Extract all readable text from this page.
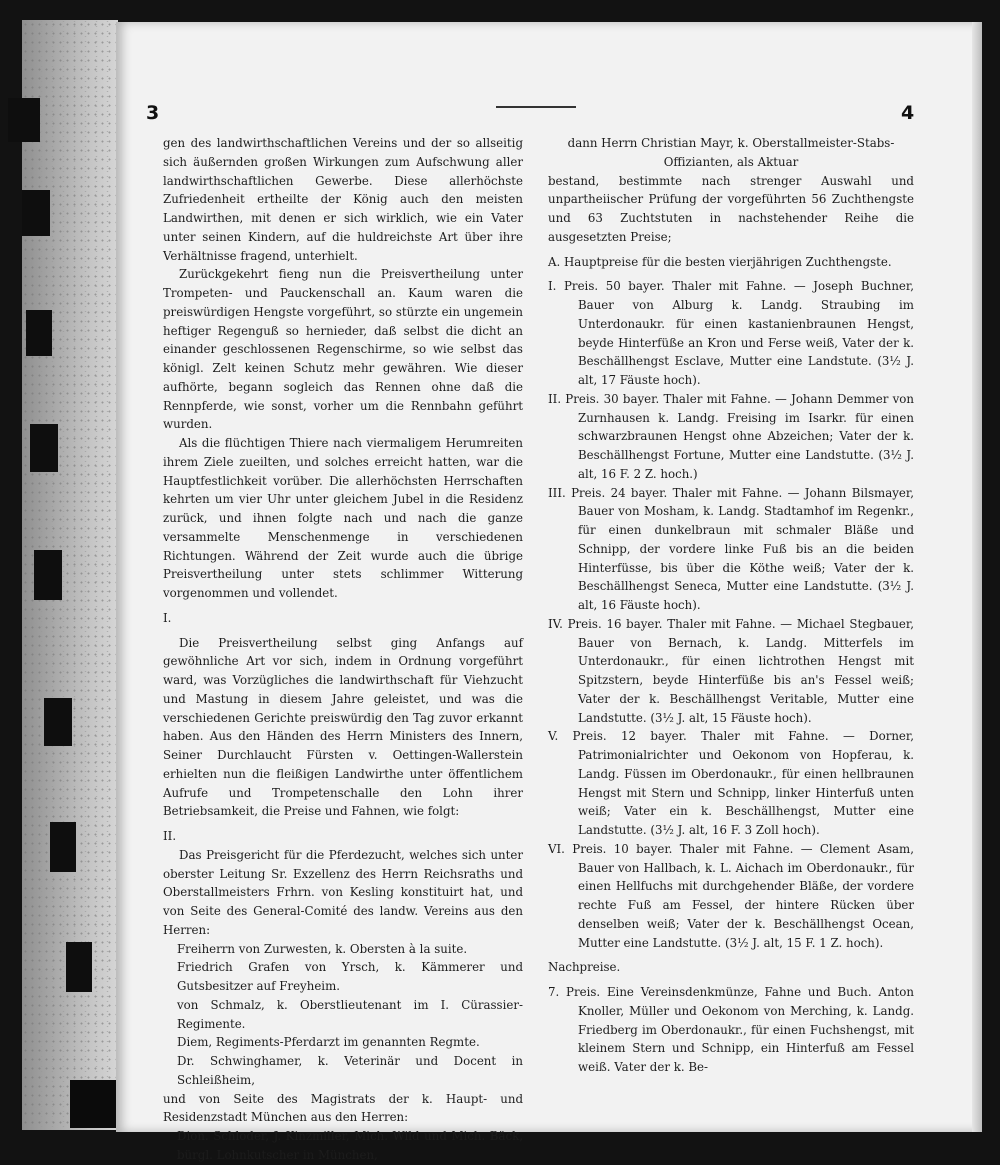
3	4

gen des landwirthschaftlichen Vereins und der so allseitig sich äußernden großen Wirkungen zum Aufschwung aller landwirthschaftlichen Gewerbe. Diese allerhöchste Zufriedenheit ertheilte der König auch den meisten Landwirthen, mit denen er sich wirklich, wie ein Vater unter seinen Kindern, auf die huldreichste Art über ihre Verhältnisse fragend, unterhielt.

Zurückgekehrt fieng nun die Preisvertheilung unter Trompeten- und Pauckenschall an. Kaum waren die preiswürdigen Hengste vorgeführt, so stürzte ein ungemein heftiger Regenguß so hernieder, daß selbst die dicht an einander geschlossenen Regenschirme, so wie selbst das königl. Zelt keinen Schutz mehr gewähren. Wie dieser aufhörte, begann sogleich das Rennen ohne daß die Rennpferde, wie sonst, vorher um die Rennbahn geführt wurden.

Als die flüchtigen Thiere nach viermaligem Herumreiten ihrem Ziele zueilten, und solches erreicht hatten, war die Hauptfestlichkeit vorüber. Die allerhöchsten Herrschaften kehrten um vier Uhr unter gleichem Jubel in die Residenz zurück, und ihnen folgte nach und nach die ganze versammelte Menschenmenge in verschiedenen Richtungen. Während der Zeit wurde auch die übrige Preisvertheilung unter stets schlimmer Witterung vorgenommen und vollendet.

I.

Die Preisvertheilung selbst ging Anfangs auf gewöhnliche Art vor sich, indem in Ordnung vorgeführt ward, was Vorzügliches die landwirthschaft für Viehzucht und Mastung in diesem Jahre geleistet, und was die verschiedenen Gerichte preiswürdig den Tag zuvor erkannt haben. Aus den Händen des Herrn Ministers des Innern, Seiner Durchlaucht Fürsten v. Oettingen-Wallerstein erhielten nun die fleißigen Landwirthe unter öffentlichem Aufrufe und Trompetenschalle den Lohn ihrer Betriebsamkeit, die Preise und Fahnen, wie folgt:

II.

Das Preisgericht für die Pferdezucht, welches sich unter oberster Leitung Sr. Exzellenz des Herrn Reichsraths und Oberstallmeisters Frhrn. von Kesling konstituirt hat, und von Seite des General-Comité des landw. Vereins aus den Herren:

Freiherrn von Zurwesten, k. Obersten à la suite.

Friedrich Grafen von Yrsch, k. Kämmerer und Gutsbesitzer auf Freyheim.

von Schmalz, k. Oberstlieutenant im I. Cürassier-Regimente.

Diem, Regiments-Pferdarzt im genannten Regmte.

Dr. Schwinghamer, k. Veterinär und Docent in Schleißheim,

und von Seite des Magistrats der k. Haupt- und Residenzstadt München aus den Herren:

Dion. Schloder, J. Kinzmiller, Mich. Wild und Mich. Bäck, bürgl. Lohnkutscher in München,

dann Herrn Christian Mayr, k. Oberstallmeister-Stabs-Offizianten, als Aktuar

bestand, bestimmte nach strenger Auswahl und unpartheiischer Prüfung der vorgeführten 56 Zuchthengste und 63 Zuchtstuten in nachstehender Reihe die ausgesetzten Preise;

A. Hauptpreise für die besten vierjährigen Zuchthengste.

I. Preis. 50 bayer. Thaler mit Fahne. — Joseph Buchner, Bauer von Alburg k. Landg. Straubing im Unterdonaukr. für einen kastanienbraunen Hengst, beyde Hinterfüße an Kron und Ferse weiß, Vater der k. Beschällhengst Esclave, Mutter eine Landstute. (3½ J. alt, 17 Fäuste hoch).

II. Preis. 30 bayer. Thaler mit Fahne. — Johann Demmer von Zurnhausen k. Landg. Freising im Isarkr. für einen schwarzbraunen Hengst ohne Abzeichen; Vater der k. Beschällhengst Fortune, Mutter eine Landstutte. (3½ J. alt, 16 F. 2 Z. hoch.)

III. Preis. 24 bayer. Thaler mit Fahne. — Johann Bilsmayer, Bauer von Mosham, k. Landg. Stadtamhof im Regenkr., für einen dunkelbraun mit schmaler Bläße und Schnipp, der vordere linke Fuß bis an die beiden Hinterfüsse, bis über die Köthe weiß; Vater der k. Beschällhengst Seneca, Mutter eine Landstutte. (3½ J. alt, 16 Fäuste hoch).

IV. Preis. 16 bayer. Thaler mit Fahne. — Michael Stegbauer, Bauer von Bernach, k. Landg. Mitterfels im Unterdonaukr., für einen lichtrothen Hengst mit Spitzstern, beyde Hinterfüße bis an's Fessel weiß; Vater der k. Beschällhengst Veritable, Mutter eine Landstutte. (3½ J. alt, 15 Fäuste hoch).

V. Preis. 12 bayer. Thaler mit Fahne. — Dorner, Patrimonialrichter und Oekonom von Hopferau, k. Landg. Füssen im Oberdonaukr., für einen hellbraunen Hengst mit Stern und Schnipp, linker Hinterfuß unten weiß; Vater ein k. Beschällhengst, Mutter eine Landstutte. (3½ J. alt, 16 F. 3 Zoll hoch).

VI. Preis. 10 bayer. Thaler mit Fahne. — Clement Asam, Bauer von Hallbach, k. L. Aichach im Oberdonaukr., für einen Hellfuchs mit durchgehender Bläße, der vordere rechte Fuß am Fessel, der hintere Rücken über denselben weiß; Vater der k. Beschällhengst Ocean, Mutter eine Landstutte. (3½ J. alt, 15 F. 1 Z. hoch).

Nachpreise.

7. Preis. Eine Vereinsdenkmünze, Fahne und Buch. Anton Knoller, Müller und Oekonom von Merching, k. Landg. Friedberg im Oberdonaukr., für einen Fuchshengst, mit kleinem Stern und Schnipp, ein Hinterfuß am Fessel weiß. Vater der k. Be-
